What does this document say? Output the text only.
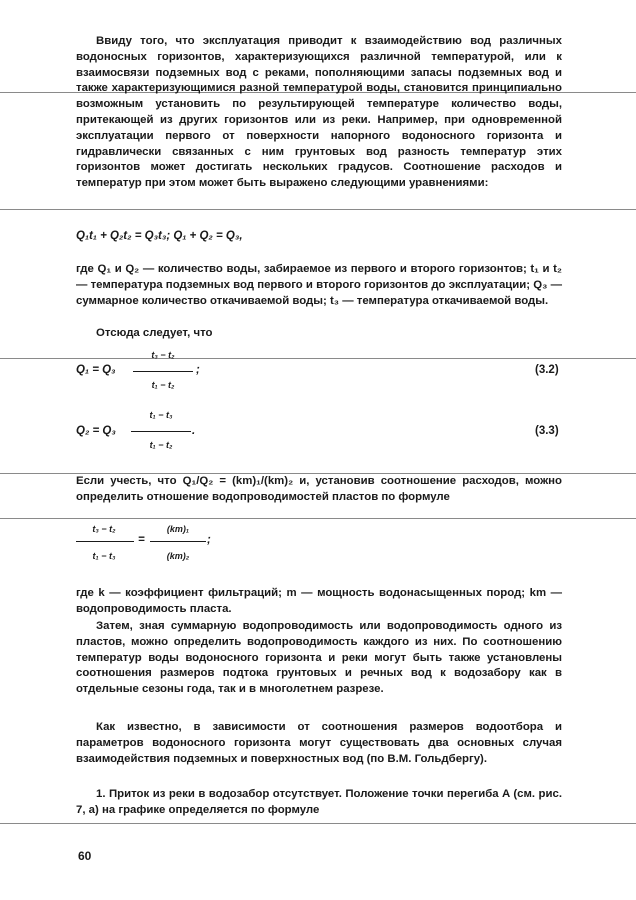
Ввиду того, что эксплуатация приводит к взаимодействию вод различных водоносных горизонтов, характеризующихся различной температурой, или к взаимосвязи подземных вод с реками, пополняющими запасы подземных вод и также характеризующимися разной температурой воды, становится принципиально возможным установить по результирующей температуре количество воды, притекающей из других горизонтов или из реки. Например, при одновременной эксплуатации первого от поверхности напорного водоносного горизонта и гидравлически связанных с ним грунтовых вод разность температур этих горизонтов может достигать нескольких градусов. Соотношение расходов и температур при этом может быть выражено следующими уравнениями:

Q₁t₁ + Q₂t₂ = Q₃t₃; Q₁ + Q₂ = Q₃,

где Q₁ и Q₂ — количество воды, забираемое из первого и второго горизонтов; t₁ и t₂ — температура подземных вод первого и второго горизонтов до эксплуатации; Q₃ — суммарное количество откачиваемой воды; t₃ — температура откачиваемой воды.

Отсюда следует, что

Q₁ = Q₃
t₃ − t₂
t₁ − t₂
;	(3.2)
Q₂ = Q₃
t₁ − t₃
t₁ − t₂
.	(3.3)

Если учесть, что Q₁/Q₂ = (km)₁/(km)₂ и, установив соотношение расходов, можно определить отношение водопроводимостей пластов по формуле

t₃ − t₂
t₁ − t₃
=
(km)₁
(km)₂
;

где k — коэффициент фильтраций; m — мощность водонасыщенных пород; km — водопроводимость пласта.

Затем, зная суммарную водопроводимость или водопроводимость одного из пластов, можно определить водопроводимость каждого из них. По соотношению температур воды водоносного горизонта и реки могут быть также установлены соотношения размеров подтока грунтовых и речных вод к водозабору как в отдельные сезоны года, так и в многолетнем разрезе.

Как известно, в зависимости от соотношения размеров водоотбора и параметров водоносного горизонта могут существовать два основных случая взаимодействия подземных и поверхностных вод (по В.М. Гольдбергу).

1. Приток из реки в водозабор отсутствует. Положение точки перегиба A (см. рис. 7, а) на графике определяется по формуле

60
